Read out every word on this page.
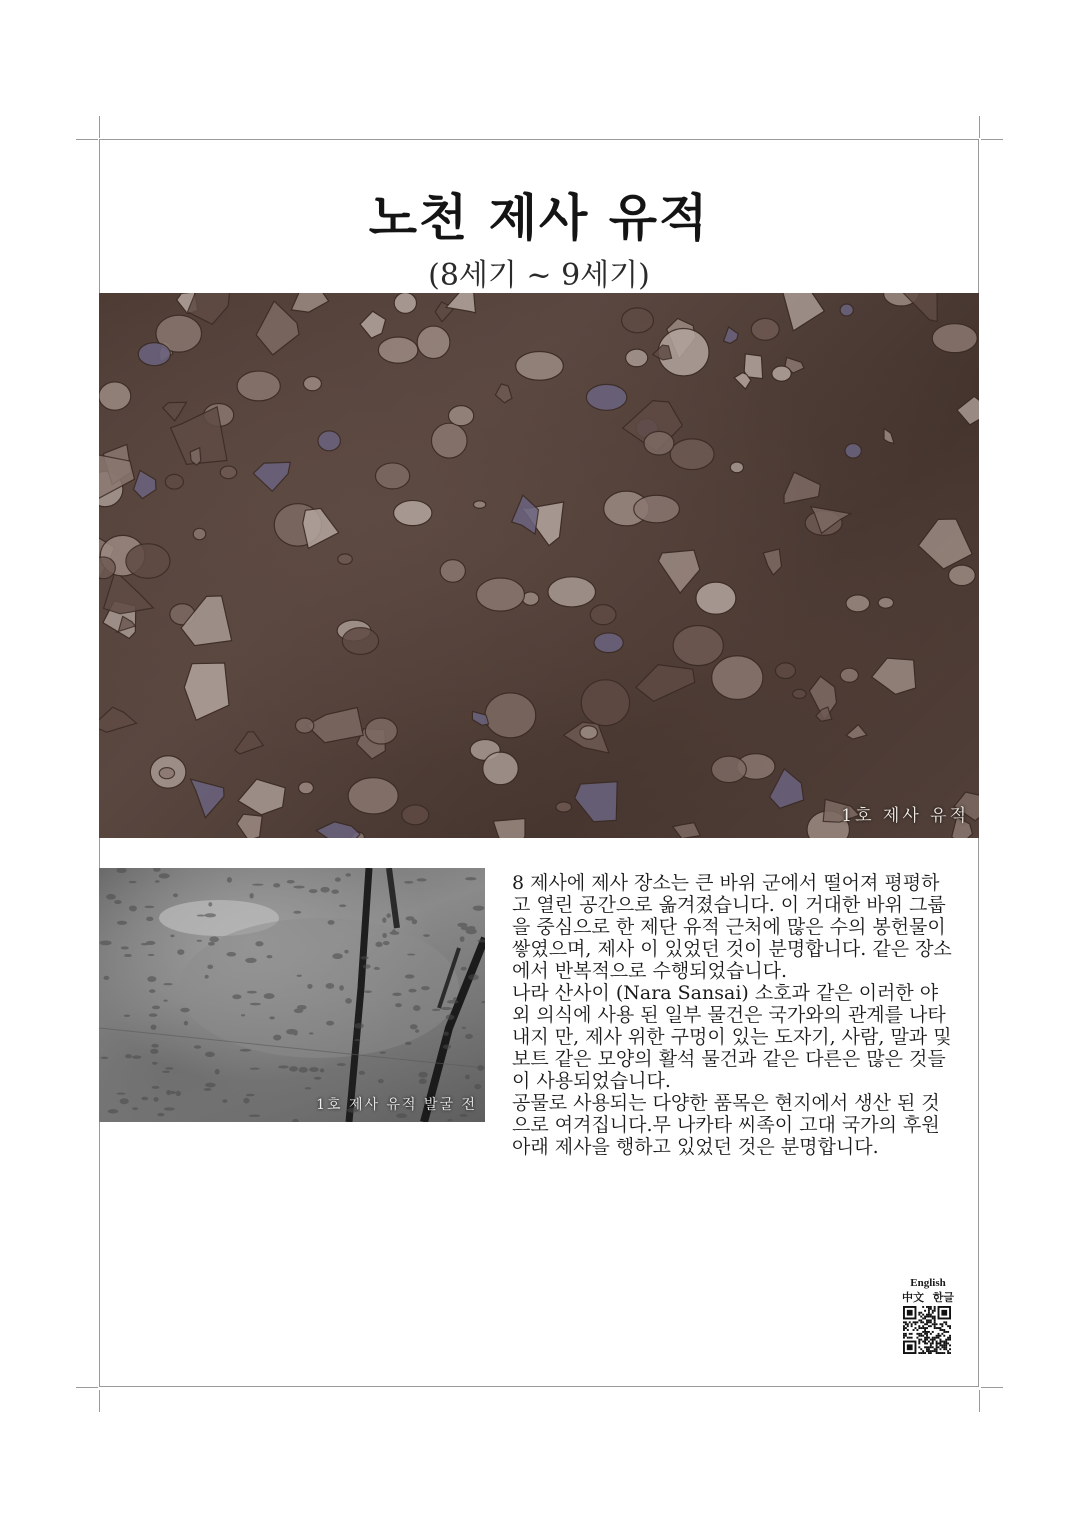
노천 제사 유적
(8세기 ~ 9세기)
1호 제사 유적
1호 제사 유적 발굴 전

8 제사에 제사 장소는 큰 바위 군에서 떨어져 평평하고 열린 공간으로 옮겨졌습니다. 이 거대한 바위 그룹을 중심으로 한 제단 유적 근처에 많은 수의 봉헌물이 쌓였으며, 제사 이 있었던 것이 분명합니다. 같은 장소에서 반복적으로 수행되었습니다.

나라 산사이 (Nara Sansai) 소호과 같은 이러한 야외 의식에 사용 된 일부 물건은 국가와의 관계를 나타내지 만, 제사 위한 구멍이 있는 도자기, 사람, 말과 및 보트 같은 모양의 활석 물건과 같은 다른은 많은 것들이 사용되었습니다.

공물로 사용되는 다양한 품목은 현지에서 생산 된 것으로 여겨집니다.무 나카타 씨족이 고대 국가의 후원 아래 제사을 행하고 있었던 것은 분명합니다.

English
中文 한글
